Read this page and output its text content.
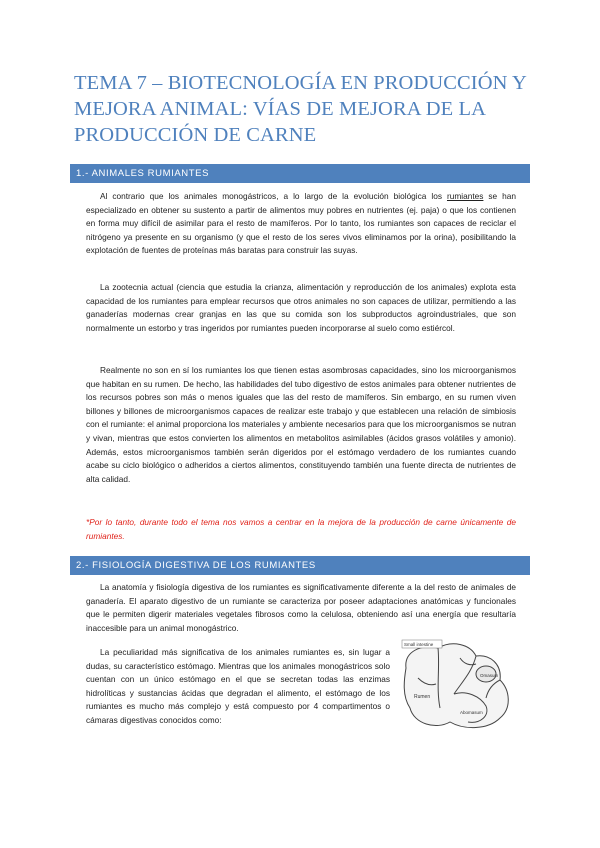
TEMA 7 – BIOTECNOLOGÍA EN PRODUCCIÓN Y MEJORA ANIMAL: VÍAS DE MEJORA DE LA PRODUCCIÓN DE CARNE
1.- ANIMALES RUMIANTES
Al contrario que los animales monogástricos, a lo largo de la evolución biológica los rumiantes se han especializado en obtener su sustento a partir de alimentos muy pobres en nutrientes (ej. paja) o que los contienen en forma muy difícil de asimilar para el resto de mamíferos. Por lo tanto, los rumiantes son capaces de reciclar el nitrógeno ya presente en su organismo (y que el resto de los seres vivos eliminamos por la orina), posibilitando la explotación de fuentes de proteínas más baratas para construir las suyas.
La zootecnia actual (ciencia que estudia la crianza, alimentación y reproducción de los animales) explota esta capacidad de los rumiantes para emplear recursos que otros animales no son capaces de utilizar, permitiendo a las ganaderías modernas crear granjas en las que su comida son los subproductos agroindustriales, que son normalmente un estorbo y tras ingeridos por rumiantes pueden incorporarse al suelo como estiércol.
Realmente no son en sí los rumiantes los que tienen estas asombrosas capacidades, sino los microorganismos que habitan en su rumen. De hecho, las habilidades del tubo digestivo de estos animales para obtener nutrientes de los recursos pobres son más o menos iguales que las del resto de mamíferos. Sin embargo, en su rumen viven billones y billones de microorganismos capaces de realizar este trabajo y que establecen una relación de simbiosis con el rumiante: el animal proporciona los materiales y ambiente necesarios para que los microorganismos se nutran y vivan, mientras que estos convierten los alimentos en metabolitos asimilables (ácidos grasos volátiles y amonio). Además, estos microorganismos también serán digeridos por el estómago verdadero de los rumiantes cuando acabe su ciclo biológico o adheridos a ciertos alimentos, constituyendo también una fuente directa de nutrientes de alta calidad.
*Por lo tanto, durante todo el tema nos vamos a centrar en la mejora de la producción de carne únicamente de rumiantes.
2.- FISIOLOGÍA DIGESTIVA DE LOS RUMIANTES
La anatomía y fisiología digestiva de los rumiantes es significativamente diferente a la del resto de animales de ganadería. El aparato digestivo de un rumiante se caracteriza por poseer adaptaciones anatómicas y funcionales que le permiten digerir materiales vegetales fibrosos como la celulosa, obteniendo así una energía que resultaría inaccesible para un animal monogástrico.
La peculiaridad más significativa de los animales rumiantes es, sin lugar a dudas, su característico estómago. Mientras que los animales monogástricos solo cuentan con un único estómago en el que se secretan todas las enzimas hidrolíticas y sustancias ácidas que degradan el alimento, el estómago de los rumiantes es mucho más complejo y está compuesto por 4 compartimentos o cámaras digestivas conocidos como:
Small intestine
Rumen
Omasum
Abomasum
